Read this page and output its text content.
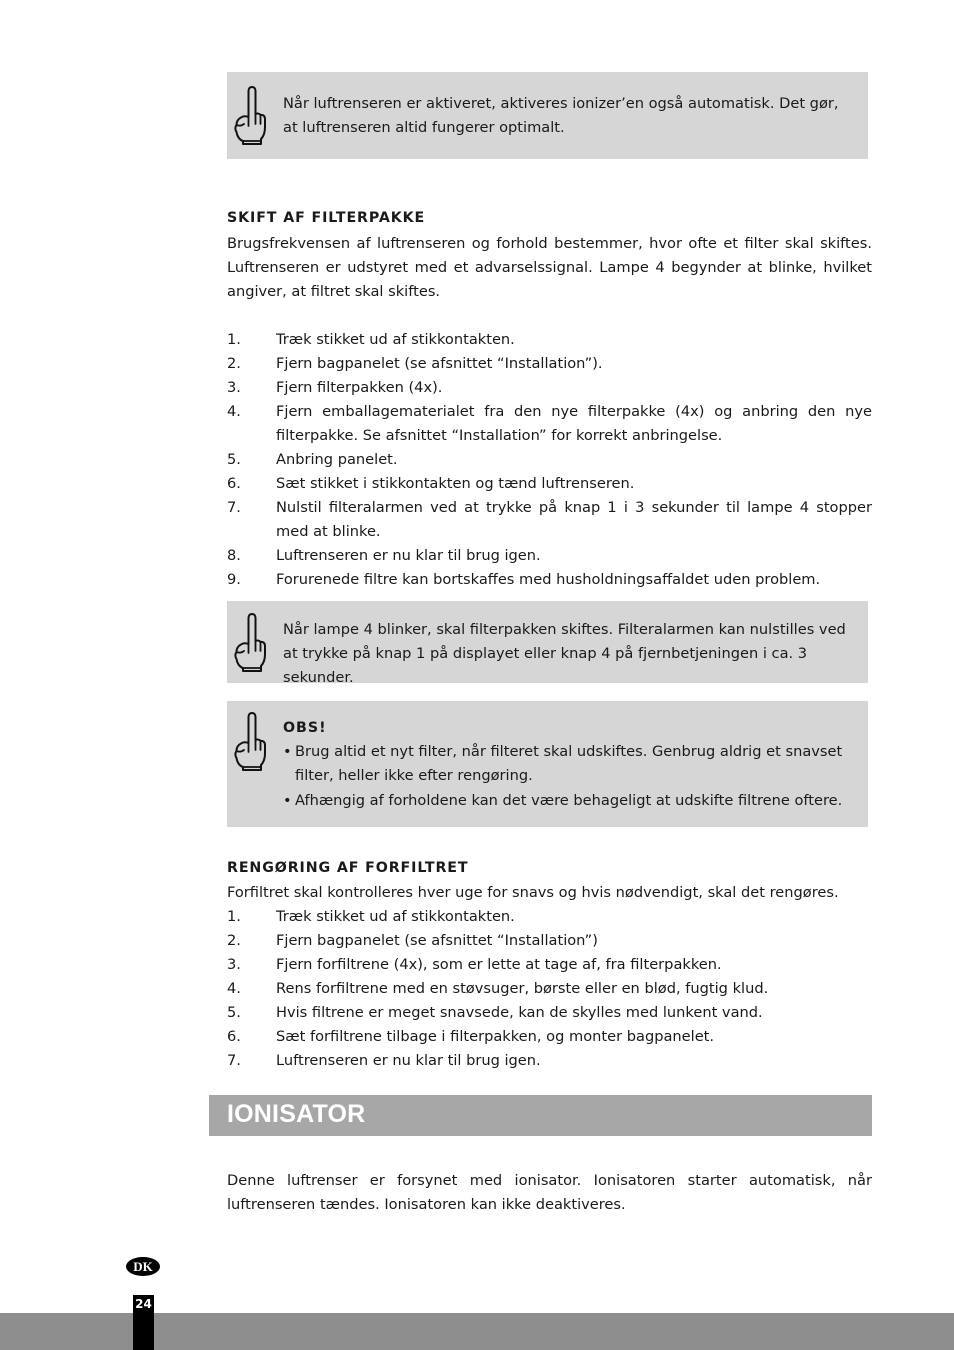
Når luftrenseren er aktiveret, aktiveres ionizer’en også automatisk. Det gør, at luftrenseren altid fungerer optimalt.
SKIFT AF FILTERPAKKE
Brugsfrekvensen af luftrenseren og forhold bestemmer, hvor ofte et filter skal skiftes. Luftrenseren er udstyret med et advarselssignal. Lampe 4 begynder at blinke, hvilket angiver, at filtret skal skiftes.
1. Træk stikket ud af stikkontakten.
2. Fjern bagpanelet (se afsnittet “Installation”).
3. Fjern filterpakken (4x).
4. Fjern emballagematerialet fra den nye filterpakke (4x) og anbring den nye filterpakke. Se afsnittet “Installation” for korrekt anbringelse.
5. Anbring panelet.
6. Sæt stikket i stikkontakten og tænd luftrenseren.
7. Nulstil filteralarmen ved at trykke på knap 1 i 3 sekunder til lampe 4 stopper med at blinke.
8. Luftrenseren er nu klar til brug igen.
9. Forurenede filtre kan bortskaffes med husholdningsaffaldet uden problem.
Når lampe 4 blinker, skal filterpakken skiftes. Filteralarmen kan nulstilles ved at trykke på knap 1 på displayet eller knap 4 på fjernbetjeningen i ca. 3 sekunder.
OBS!
• Brug altid et nyt filter, når filteret skal udskiftes. Genbrug aldrig et snavset filter, heller ikke efter rengøring.
• Afhængig af forholdene kan det være behageligt at udskifte filtrene oftere.
RENGØRING AF FORFILTRET
Forfiltret skal kontrolleres hver uge for snavs og hvis nødvendigt, skal det rengøres.
1. Træk stikket ud af stikkontakten.
2. Fjern bagpanelet (se afsnittet “Installation”)
3. Fjern forfiltrene (4x), som er lette at tage af, fra filterpakken.
4. Rens forfiltrene med en støvsuger, børste eller en blød, fugtig klud.
5. Hvis filtrene er meget snavsede, kan de skylles med lunkent vand.
6. Sæt forfiltrene tilbage i filterpakken, og monter bagpanelet.
7. Luftrenseren er nu klar til brug igen.
IONISATOR
Denne luftrenser er forsynet med ionisator. Ionisatoren starter automatisk, når luftrenseren tændes. Ionisatoren kan ikke deaktiveres.
DK
24
